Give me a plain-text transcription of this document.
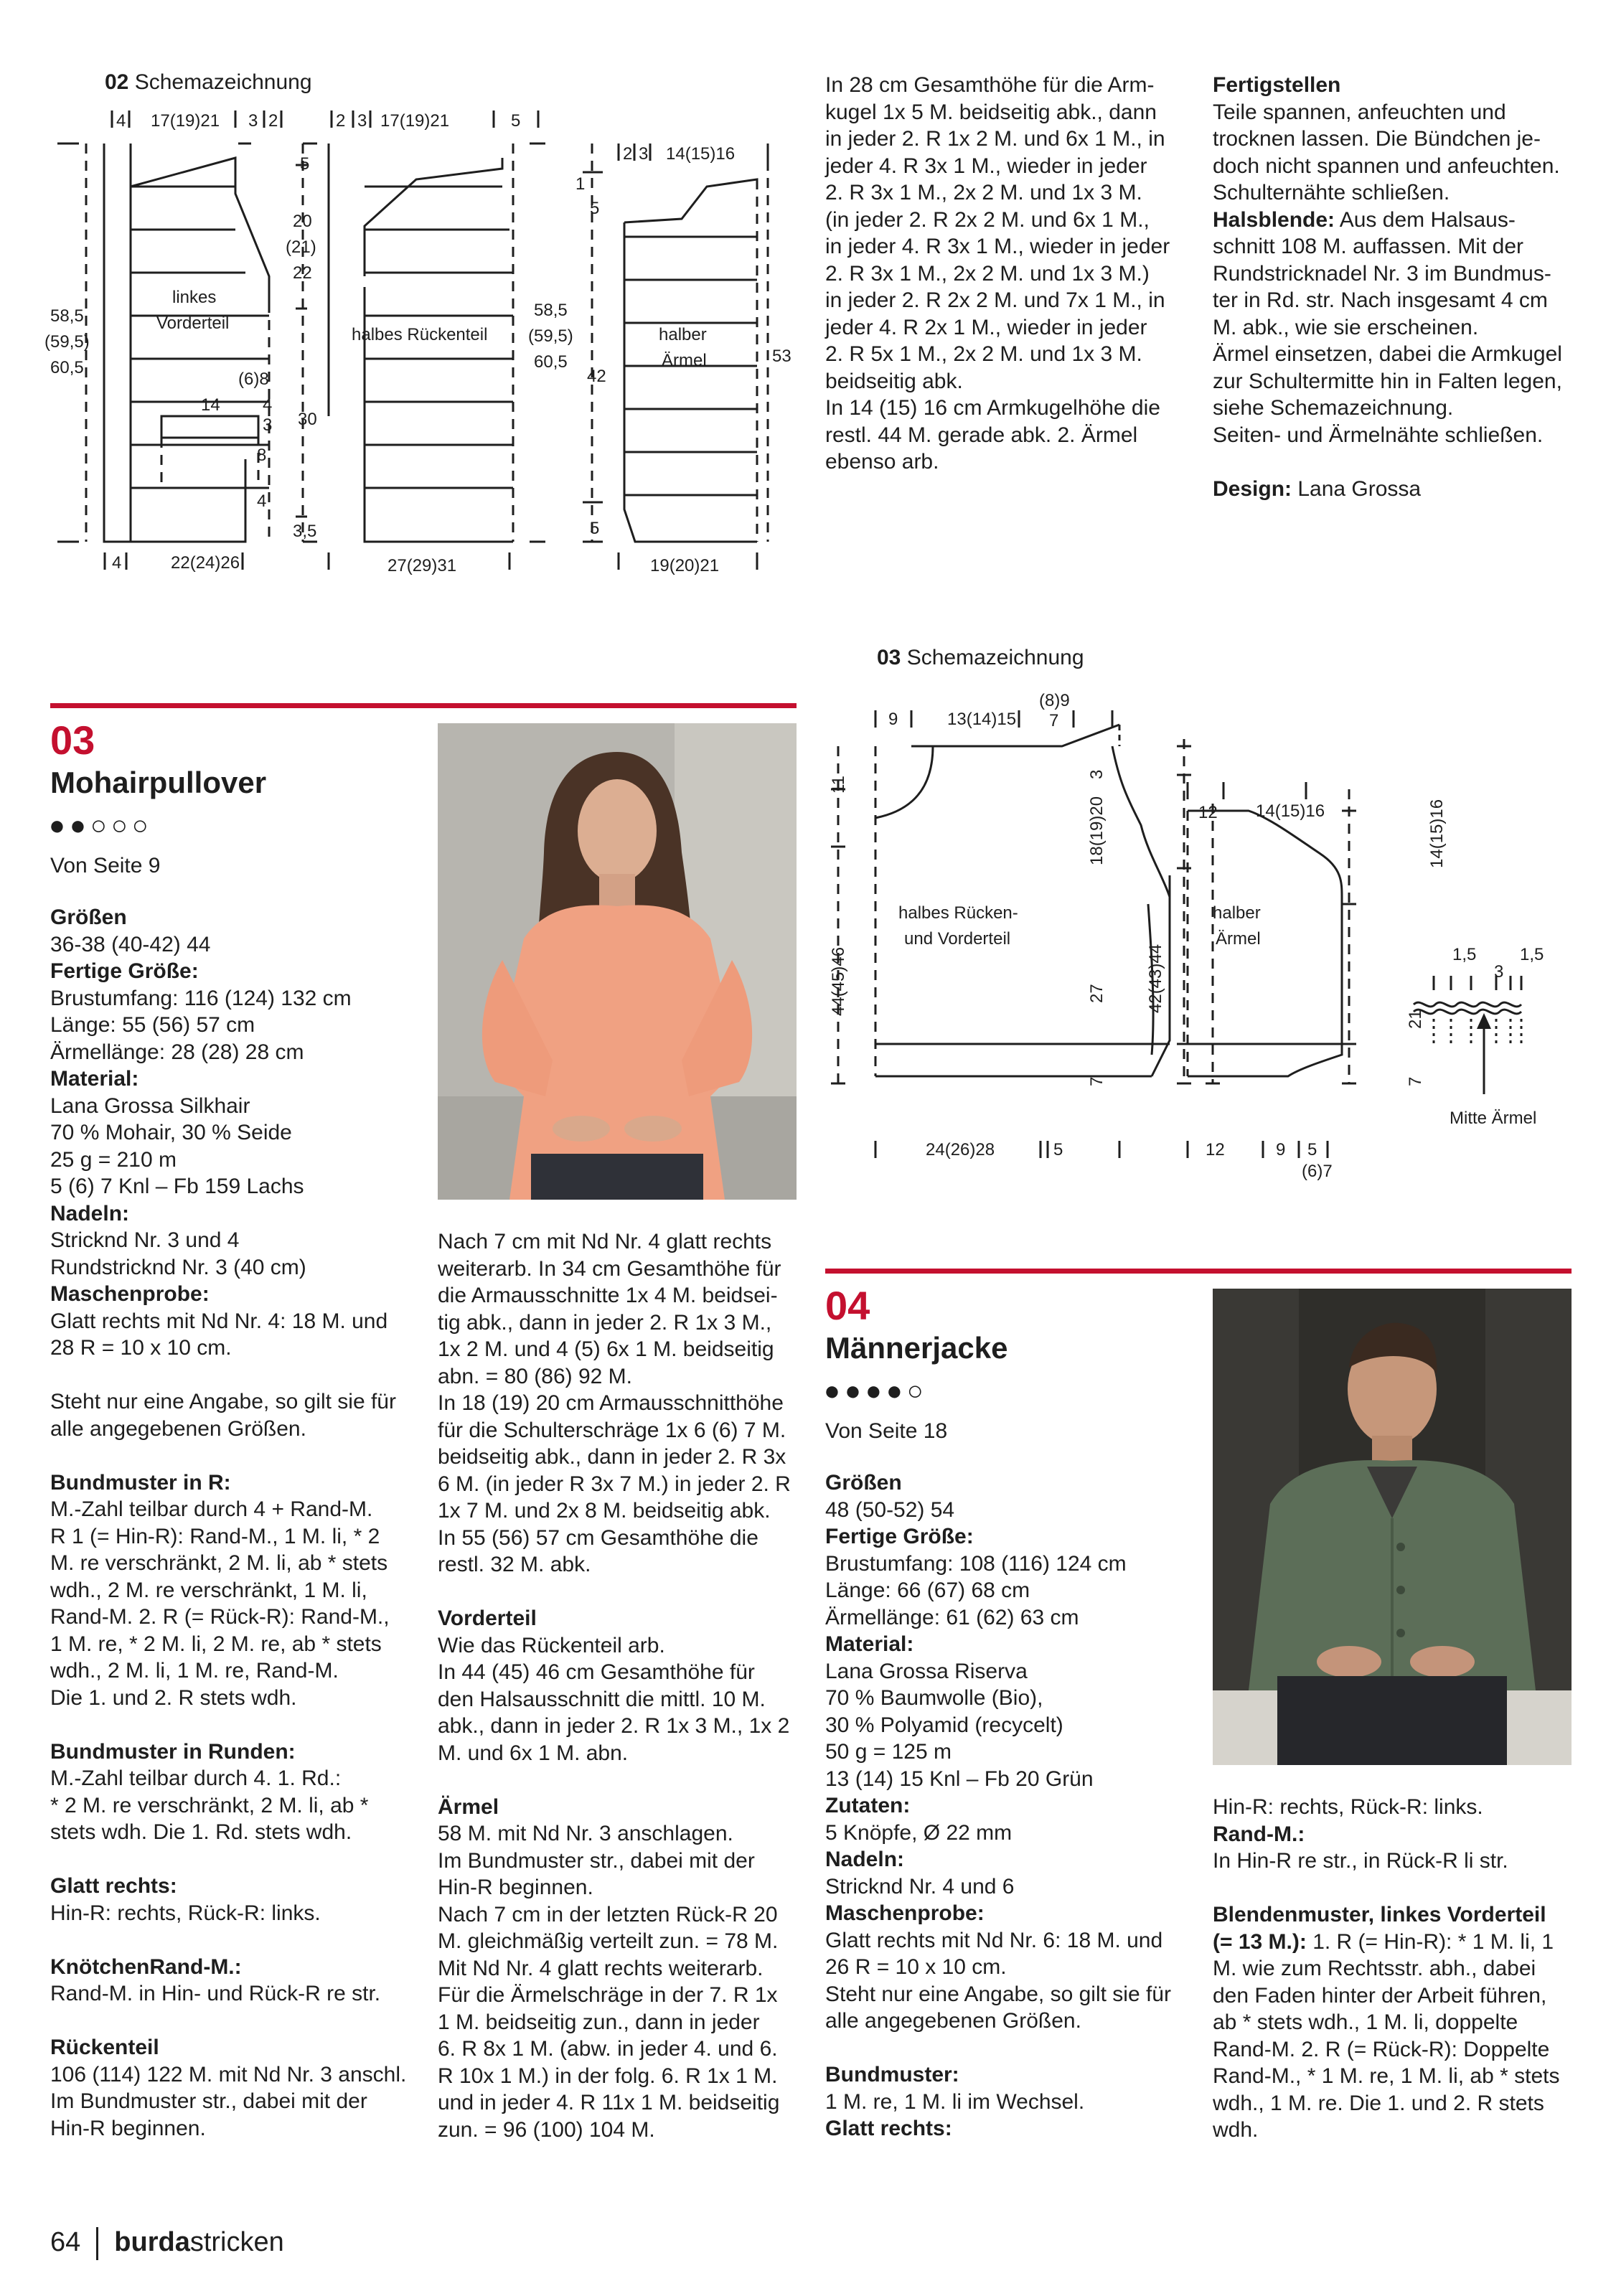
02 Schemazeichnung
4 17(19)21 3 2	2 3 17(19)21	5
5
20
(21)
22
58,5
(59,5)
60,5
linkes
Vorderteil
halbes Rückenteil
(6)8
14 4
3 30
8
4
58,5
(59,5)
60,5
3,5
4	22(24)26	27(29)31
2 3 14(15)16
1
5
halber
Ärmel
42
53
5
19(20)21

In 28 cm Gesamthöhe für die Arm-

kugel 1x 5 M. beidseitig abk., dann

in jeder 2. R 1x 2 M. und 6x 1 M., in

jeder 4. R 3x 1 M., wieder in jeder

2. R 3x 1 M., 2x 2 M. und 1x 3 M.

(in jeder 2. R 2x 2 M. und 6x 1 M.,

in jeder 4. R 3x 1 M., wieder in jeder

2. R 3x 1 M., 2x 2 M. und 1x 3 M.)

in jeder 2. R 2x 2 M. und 7x 1 M., in

jeder 4. R 2x 1 M., wieder in jeder

2. R 5x 1 M., 2x 2 M. und 1x 3 M.

beidseitig abk.

In 14 (15) 16 cm Armkugelhöhe die

restl. 44 M. gerade abk. 2. Ärmel

ebenso arb.

Fertigstellen

Teile spannen, anfeuchten und
trocknen lassen. Die Bündchen je-
doch nicht spannen und anfeuchten.
Schulternähte schließen.

Halsblende: Aus dem Halsaus-
schnitt 108 M. auffassen. Mit der
Rundstricknadel Nr. 3 im Bundmus-
ter in Rd. str. Nach insgesamt 4 cm
M. abk., wie sie erscheinen.
Ärmel einsetzen, dabei die Armkugel
zur Schultermitte hin in Falten legen,
siehe Schemazeichnung.
Seiten- und Ärmelnähte schließen.

Design: Lana Grossa

03
Mohairpullover
●●○○○
Von Seite 9

Größen

36-38 (40-42) 44

Fertige Größe:

Brustumfang: 116 (124) 132 cm
Länge: 55 (56) 57 cm
Ärmellänge: 28 (28) 28 cm

Material:

Lana Grossa Silkhair
70 % Mohair, 30 % Seide
25 g = 210 m
5 (6) 7 Knl – Fb 159 Lachs

Nadeln:

Stricknd Nr. 3 und 4
Rundstricknd Nr. 3 (40 cm)

Maschenprobe:

Glatt rechts mit Nd Nr. 4: 18 M. und
28 R = 10 x 10 cm.

Steht nur eine Angabe, so gilt sie für
alle angegebenen Größen.

Bundmuster in R:

M.-Zahl teilbar durch 4 + Rand-M.
R 1 (= Hin-R): Rand-M., 1 M. li, * 2
M. re verschränkt, 2 M. li, ab * stets
wdh., 2 M. re verschränkt, 1 M. li,
Rand-M. 2. R (= Rück-R): Rand-M.,
1 M. re, * 2 M. li, 2 M. re, ab * stets
wdh., 2 M. li, 1 M. re, Rand-M.
Die 1. und 2. R stets wdh.

Bundmuster in Runden:

M.-Zahl teilbar durch 4. 1. Rd.:
* 2 M. re verschränkt, 2 M. li, ab *
stets wdh. Die 1. Rd. stets wdh.

Glatt rechts:

Hin-R: rechts, Rück-R: links.

KnötchenRand-M.:

Rand-M. in Hin- und Rück-R re str.

Rückenteil

106 (114) 122 M. mit Nd Nr. 3 anschl.
Im Bundmuster str., dabei mit der
Hin-R beginnen.

Nach 7 cm mit Nd Nr. 4 glatt rechts
weiterarb. In 34 cm Gesamthöhe für
die Armausschnitte 1x 4 M. beidsei-
tig abk., dann in jeder 2. R 1x 3 M.,
1x 2 M. und 4 (5) 6x 1 M. beidseitig
abn. = 80 (86) 92 M.
In 18 (19) 20 cm Armausschnitthöhe
für die Schulterschräge 1x 6 (6) 7 M.
beidseitig abk., dann in jeder 2. R 3x
6 M. (in jeder R 3x 7 M.) in jeder 2. R
1x 7 M. und 2x 8 M. beidseitig abk.
In 55 (56) 57 cm Gesamthöhe die
restl. 32 M. abk.

Vorderteil

Wie das Rückenteil arb.
In 44 (45) 46 cm Gesamthöhe für
den Halsausschnitt die mittl. 10 M.
abk., dann in jeder 2. R 1x 3 M., 1x 2
M. und 6x 1 M. abn.

Ärmel

58 M. mit Nd Nr. 3 anschlagen.
Im Bundmuster str., dabei mit der
Hin-R beginnen.
Nach 7 cm in der letzten Rück-R 20
M. gleichmäßig verteilt zun. = 78 M.
Mit Nd Nr. 4 glatt rechts weiterarb.
Für die Ärmelschräge in der 7. R 1x
1 M. beidseitig zun., dann in jeder
6. R 8x 1 M. (abw. in jeder 4. und 6.
R 10x 1 M.) in der folg. 6. R 1x 1 M.
und in jeder 4. R 11x 1 M. beidseitig
zun. = 96 (100) 104 M.

03 Schemazeichnung
9	13(14)15
(8)9
7
11
3
18(19)20
halbes Rücken-
und Vorderteil
44(45)46	27
7
24(26)28	5
12 14(15)16	14(15)16
halber
Ärmel
42(43)44
21
7
12	9 5
(6)7
1,5
3
1,5
Mitte Ärmel
04
Männerjacke
●●●●○
Von Seite 18

Größen

48 (50-52) 54

Fertige Größe:

Brustumfang: 108 (116) 124 cm
Länge: 66 (67) 68 cm
Ärmellänge: 61 (62) 63 cm

Material:

Lana Grossa Riserva
70 % Baumwolle (Bio),
30 % Polyamid (recycelt)
50 g = 125 m
13 (14) 15 Knl – Fb 20 Grün

Zutaten:

5 Knöpfe, Ø 22 mm

Nadeln:

Stricknd Nr. 4 und 6

Maschenprobe:

Glatt rechts mit Nd Nr. 6: 18 M. und
26 R = 10 x 10 cm.
Steht nur eine Angabe, so gilt sie für
alle angegebenen Größen.

Bundmuster:

1 M. re, 1 M. li im Wechsel.

Glatt rechts:

Hin-R: rechts, Rück-R: links.

Rand-M.:

In Hin-R re str., in Rück-R li str.

Blendenmuster, linkes Vorderteil
(= 13 M.): 1. R (= Hin-R): * 1 M. li, 1
M. wie zum Rechtsstr. abh., dabei
den Faden hinter der Arbeit führen,
ab * stets wdh., 1 M. li, doppelte
Rand-M. 2. R (= Rück-R): Doppelte
Rand-M., * 1 M. re, 1 M. li, ab * stets
wdh., 1 M. re. Die 1. und 2. R stets
wdh.

64 burdastricken
